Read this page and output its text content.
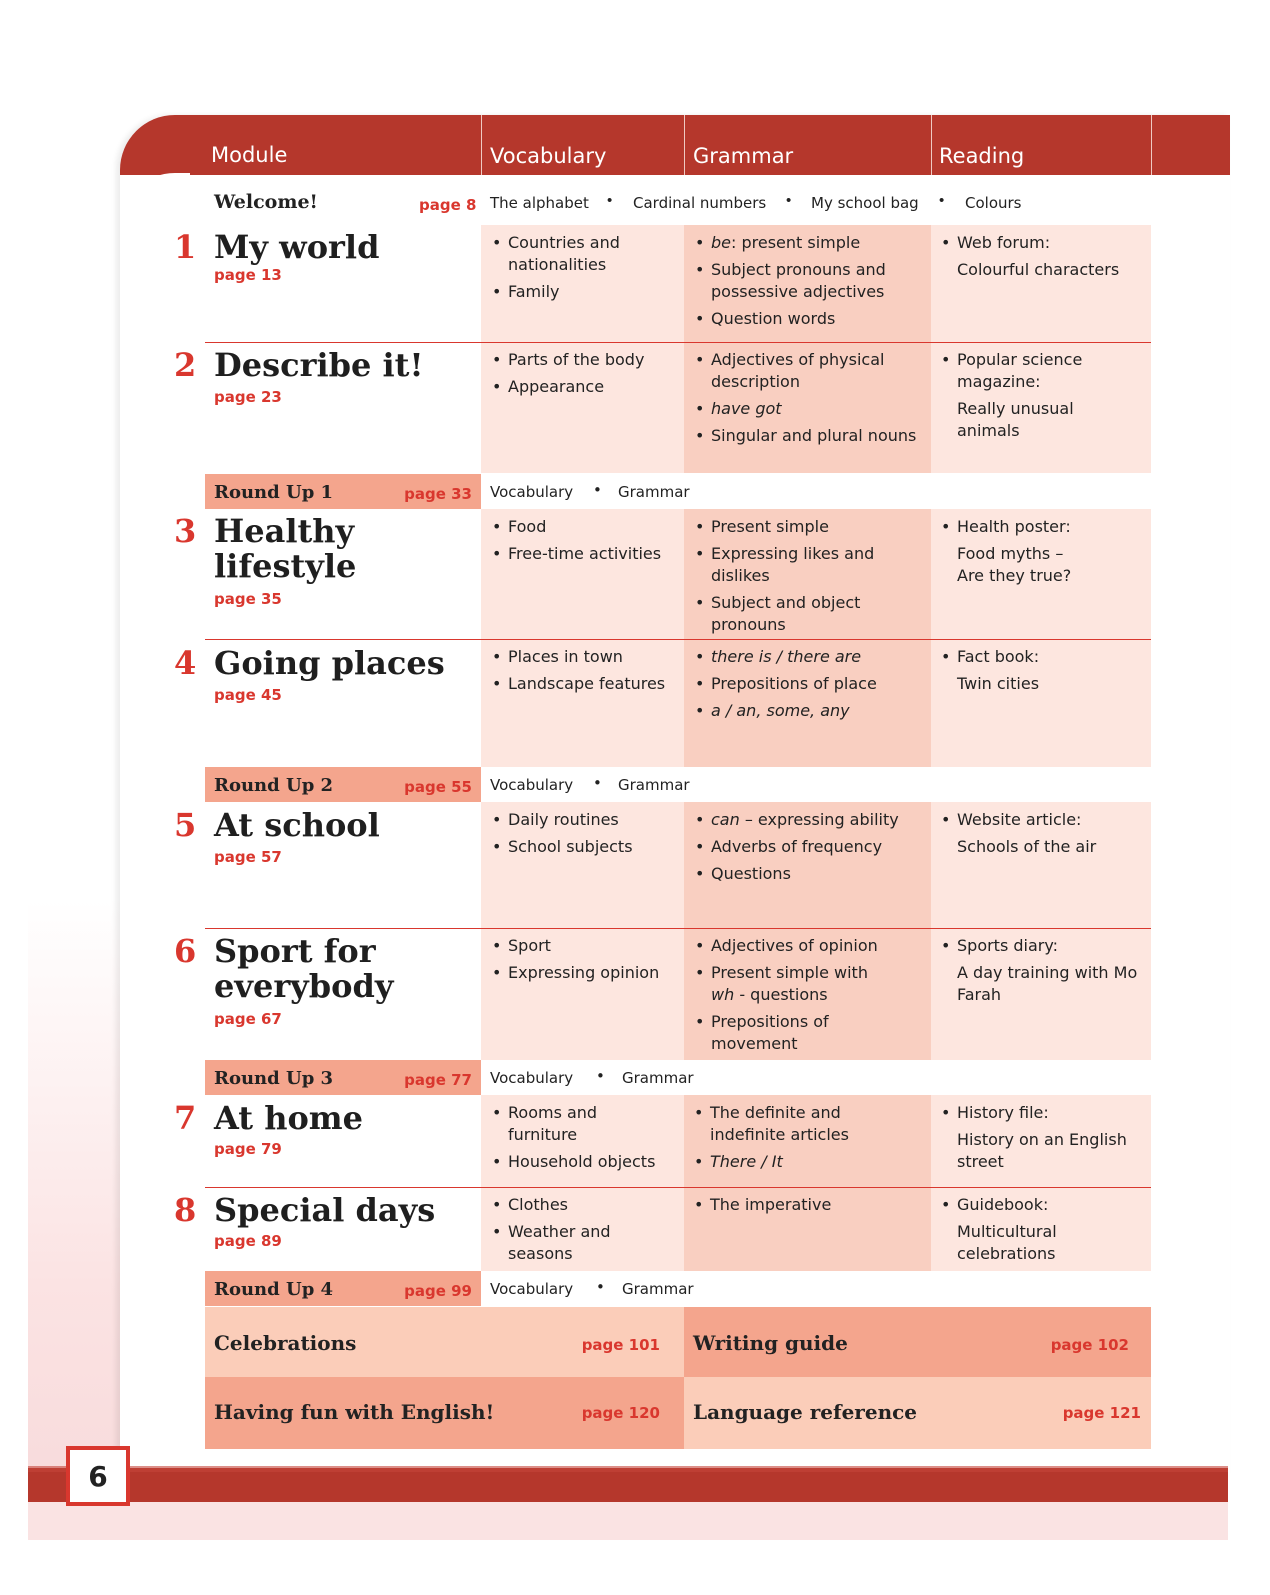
Module	Vocabulary	Grammar	Reading
Welcome!	page 8 The alphabet • Cardinal numbers • My school bag • Colours
1 My world
page 13
• Countries and nationalities
• Family
• be: present simple
• Subject pronouns and possessive adjectives
• Question words
• Web forum:
Colourful characters
2 Describe it!
page 23
• Parts of the body
• Appearance
• Adjectives of physical description
• have got
• Singular and plural nouns
• Popular science magazine:
Really unusual animals
Round Up 1	page 33 Vocabulary • Grammar
3 Healthy lifestyle
page 35
• Food
• Free-time activities
• Present simple
• Expressing likes and dislikes
• Subject and object pronouns
• Health poster:
Food myths – Are they true?
4 Going places
page 45
• Places in town
• Landscape features
• there is / there are
• Prepositions of place
• a / an, some, any
• Fact book:
Twin cities
Round Up 2	page 55 Vocabulary • Grammar
5 At school
page 57
• Daily routines
• School subjects
• can – expressing ability
• Adverbs of frequency
• Questions
• Website article:
Schools of the air
6 Sport for everybody
page 67
• Sport
• Expressing opinion
• Adjectives of opinion
• Present simple with wh - questions
• Prepositions of movement
• Sports diary:
A day training with Mo Farah
Round Up 3	page 77 Vocabulary • Grammar
7 At home
page 79
• Rooms and furniture
• Household objects
• The definite and indefinite articles
• There / It
• History file:
History on an English street
8 Special days
page 89
• Clothes
• Weather and seasons
• The imperative
•	Guidebook:
Multicultural celebrations
Round Up 4	page 99 Vocabulary • Grammar
Celebrations	page 101 Writing guide	page 102
Having fun with English!	page 120 Language reference	page 121
6
